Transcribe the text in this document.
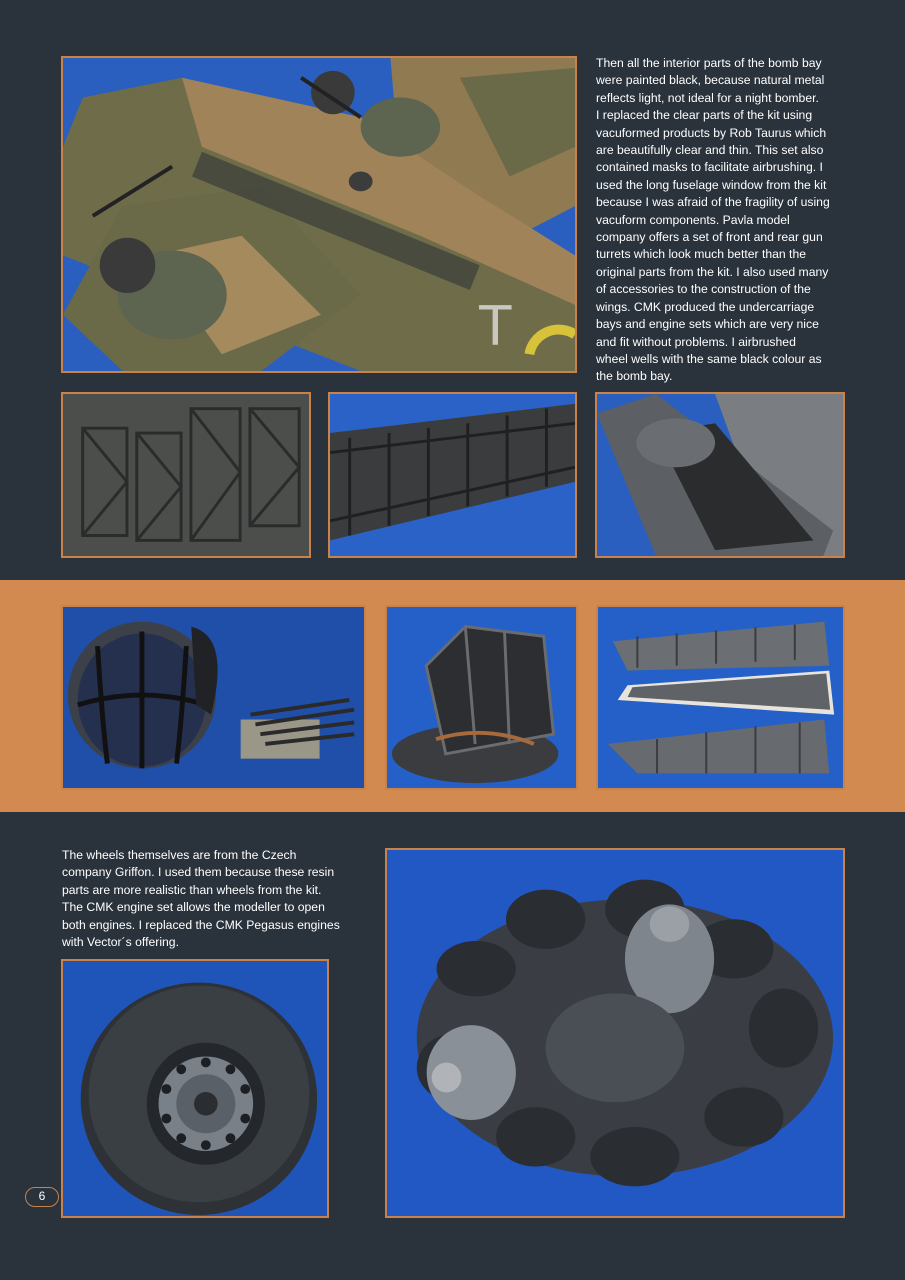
T

Then all the interior parts of the bomb bay
were painted black, because natural metal
reflects light, not ideal for a night bomber.
I replaced the clear parts of the kit using
vacuformed products by Rob Taurus which
are beautifully clear and thin. This set also
contained masks to facilitate airbrushing. I
used the long fuselage window from the kit
because I was afraid of the fragility of using
vacuform components. Pavla model
company offers a set of front and rear gun
turrets which look much better than the
original parts from the kit. I also used many
of accessories to the construction of the
wings. CMK produced the undercarriage
bays and engine sets which are very nice
and fit without problems. I airbrushed
wheel wells with the same black colour as
the bomb bay.

The wheels themselves are from the Czech
company Griffon. I used them because these resin
parts are more realistic than wheels from the kit.
The CMK engine set allows the modeller to open
both engines. I replaced the CMK Pegasus engines
with Vector´s offering.

6
